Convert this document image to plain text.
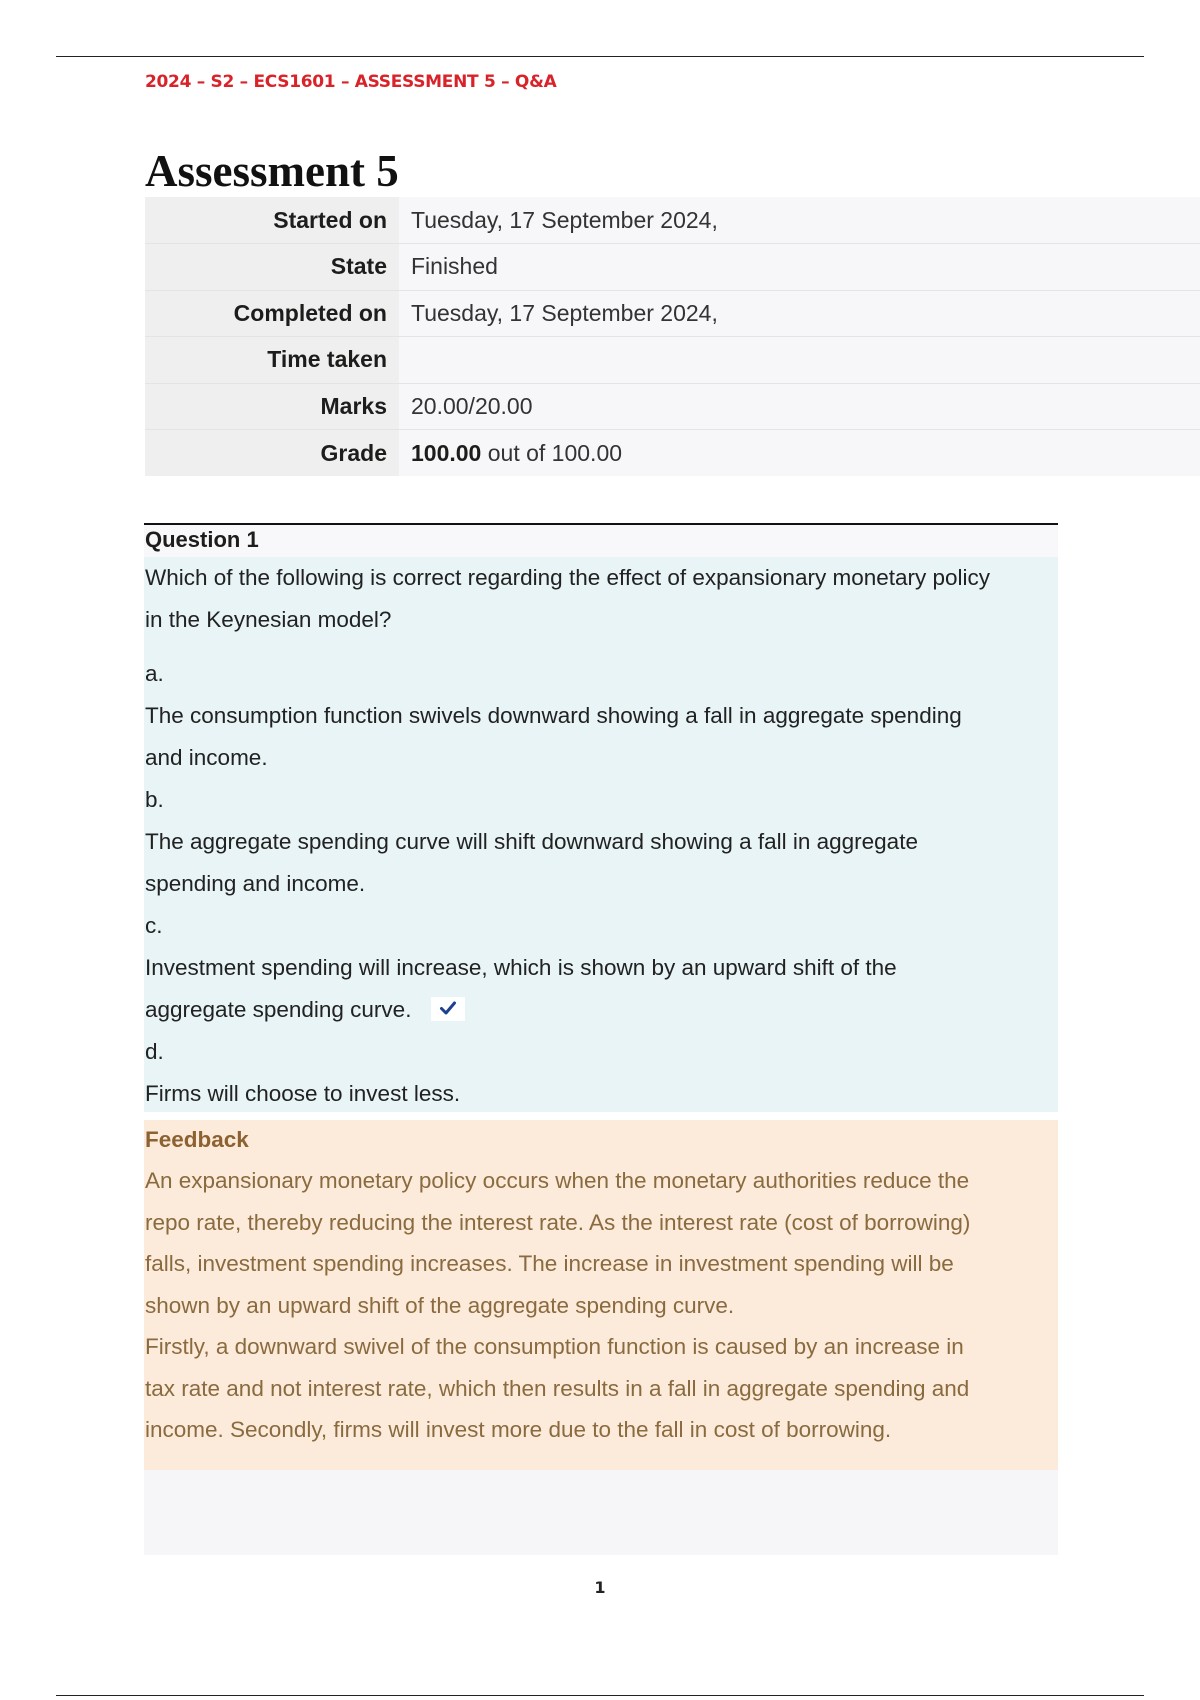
2024 – S2 – ECS1601 – ASSESSMENT 5 – Q&A
Assessment 5
Started on	Tuesday, 17 September 2024,
State	Finished
Completed on	Tuesday, 17 September 2024,
Time taken	
Marks	20.00/20.00
Grade	100.00 out of 100.00
Question 1
Which of the following is correct regarding the effect of expansionary monetary policy
in the Keynesian model?
a.
The consumption function swivels downward showing a fall in aggregate spending
and income.
b.
The aggregate spending curve will shift downward showing a fall in aggregate
spending and income.
c.
Investment spending will increase, which is shown by an upward shift of the
aggregate spending curve.
d.
Firms will choose to invest less.
Feedback

An expansionary monetary policy occurs when the monetary authorities reduce the

repo rate, thereby reducing the interest rate. As the interest rate (cost of borrowing)

falls, investment spending increases. The increase in investment spending will be

shown by an upward shift of the aggregate spending curve.

Firstly, a downward swivel of the consumption function is caused by an increase in

tax rate and not interest rate, which then results in a fall in aggregate spending and

income. Secondly, firms will invest more due to the fall in cost of borrowing.

1
